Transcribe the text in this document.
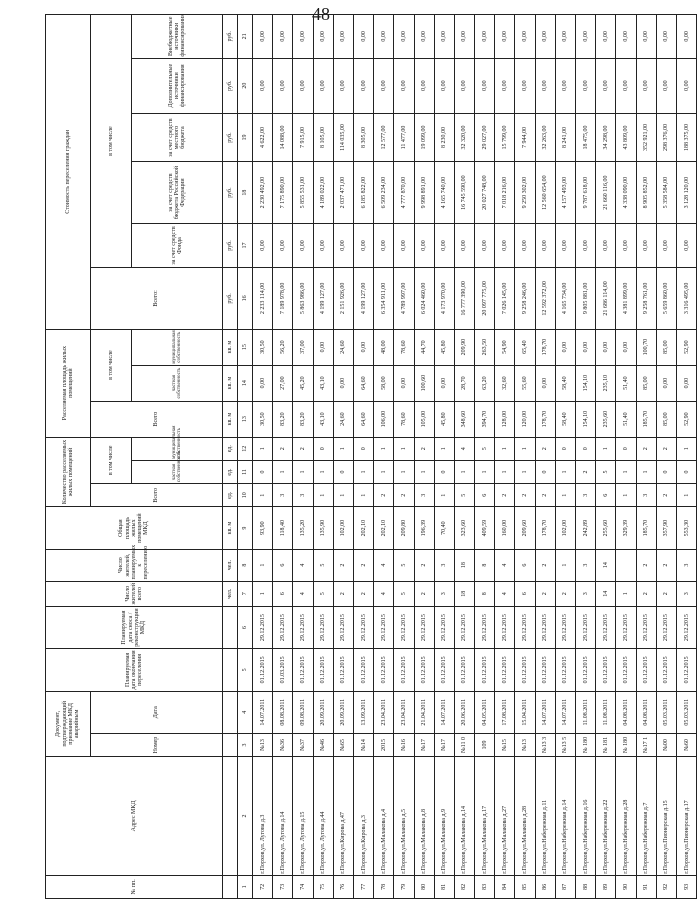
48
№ пп.	Адрес МКД	Документ, подтверждающий признание МКД аварийным		Планируемая дата окончания переселения	Планируемая дата сноса /реконструкции МКД	Число жителей всего	Число жителей, планируемых к переселению	Общая площадь жилых помещений МКД	Количество расселяемых жилых помещений			Расселяемая площадь жилых помещений			Стоимость переселения граждан					
		Номер	Дата						Всего	в том числе		Всего	в том числе		Всего:	в том числе				
										частная собственность	муниципальная собственность		частная собственность	муниципальная собственность		за счет средств Фонда	за счет средств бюджета Российской Федерации	за счет средств местного бюджета	Дополнительные источники финансирования	Внебюджетные источники финансирования
						чел.	чел.	кв. м	ед.	ед.	ед.	кв. м	кв. м	кв. м	руб.	руб.	руб.	руб.	руб.	руб.
1	2	3	4	5	6	7	8	9	10	11	12	13	14	15	16	17	18	19	20	21
72	г.Порхов,ул. Лугова д.3	№13	14.07.2011	01.12.2015	29.12.2015	1	1	93,90	1	0	1	30,50	0,00	30,50	2 233 114,00	0,00	2 230 492,00	4 622,00	0,00	0,00
73	г.Порхов,ул. Лугова д.14	№36	08.08.2011	01.03.2015	29.12.2015	6	6	118,40	3	1	2	83,20	27,00	56,20	7 189 978,00	0,00	7 175 890,00	14 088,00	0,00	0,00
74	г.Порхов,ул. Лугова д.15	№37	09.08.2011	01.12.2015	29.12.2015	4	4	135,20	3	1	2	83,20	45,20	37,00	5 863 986,00	0,00	5 855 531,00	7 915,00	0,00	0,00
75	г.Порхов,ул. Лугова д.44	№46	20.09.2011	01.12.2015	29.12.2015	5	5	135,90	1	1	0	43,10	43,10	0,00	4 199 127,00	0,00	4 189 022,00	8 105,00	0,00	0,00
76	г.Порхов,ул.Кирова д.47	№65	20.09.2011	01.12.2015	29.12.2015	2	2	102,00	1	0	1	24,60	0,00	24,60	2 151 926,00	0,00	2 037 471,00	114 035,00	0,00	0,00
77	г.Порхов,ул.Кирова д.3	№14	13.09.2011	01.12.2015	29.12.2015	2	2	202,10	1	1	0	64,60	64,60	0,00	4 199 127,00	0,00	6 185 822,00	8 305,00	0,00	0,00
78	г.Порхов,ул.Малакова д.4	2015	23.04.2011	01.12.2015	29.12.2015	4	4	202,10	2	1	1	106,00	58,00	48,00	6 354 911,00	0,00	6 509 234,00	12 577,00	0,00	0,00
79	г.Порхов,ул.Малакова д.5	№16	23.04.2011	01.12.2015	29.12.2015	5	5	209,80	2	1	1	78,60	0,00	78,60	4 789 997,00	0,00	4 777 870,00	11 477,00	0,00	0,00
80	г.Порхов,ул.Малакова д.8	№17	21.04.2011	01.12.2015	29.12.2015	2	2	196,39	3	1	2	105,00	100,60	44,70	6 024 460,00	0,00	9 998 891,00	19 099,00	0,00	0,00
81	г.Порхов,ул.Малакова д.9	№17	14.07.2011	01.12.2015	29.12.2015	3	3	70,40	1	0	1	45,80	0,00	45,80	4 173 970,00	0,00	4 165 740,00	8 230,00	0,00	0,00
82	г.Порхов,ул.Малакова д.14	№11 0	20.06.2011	01.12.2015	29.12.2015	18	18	323,60	5	1	4	348,60	28,70	209,90	16 777 390,00	0,00	16 745 590,00	32 320,00	0,00	0,00
83	г.Порхов,ул.Малакова д.17	109	04.05.2011	01.12.2015	29.12.2015	8	8	409,59	6	1	5	394,70	63,20	263,50	20 097 775,00	0,00	20 027 748,00	29 027,00	0,00	0,00
84	г.Порхов,ул.Малакова д.27	№15	17.08.2011	01.12.2015	29.12.2015	4	4	160,00	2	1	1	128,00	32,60	54,90	7 026 145,00	0,00	7 018 216,00	15 799,00	0,00	0,00
85	г.Порхов,ул.Малакова д.28	№13	15.04.2011	01.12.2015	29.12.2015	6	6	209,60	2	1	1	120,00	55,60	65,40	9 258 246,00	0,00	9 250 302,00	7 944,00	0,00	0,00
86	г.Порхов,ул.Набережная д.11	№13 3	14.07.2011	01.12.2015	29.12.2015	2	2	178,70	2	0	2	178,70	0,00	178,70	12 592 372,00	0,00	12 560 654,00	32 263,00	0,00	0,00
87	г.Порхов,ул.Набережная д.14	№13 5	14.07.2011	01.12.2015	29.12.2015	2	1	102,00	1	1	0	58,40	58,40	0,00	4 165 734,00	0,00	4 157 493,00	8 241,00	0,00	0,00
88	г.Порхов,ул.Набережная д.16	№ 180	11.08.2011	01.12.2015	29.12.2015	3	3	242,89	3	2	0	154,10	154,10	0,00	9 805 881,00	0,00	9 787 618,00	18 475,00	0,00	0,00
89	г.Порхов,ул.Набережная д.22	№ 181	11.08.2011	01.12.2015	29.12.2015	14	14	255,60	6	5	1	235,60	235,10	0,00	21 686 114,00	0,00	21 660 116,00	34 298,00	0,00	0,00
90	г.Порхов,ул.Набережная д.28	№ 180	04.08.2011	01.12.2015	29.12.2015	1		329,39	1	1	0	51,40	51,40	0,00	4 381 899,00	0,00	4 338 090,00	43 809,00	0,00	0,00
91	г.Порхов,ул.Набережная д.7	№17 1	04.08.2011	01.12.2015	29.12.2015	2	2	185,70	3	1	2	185,70	85,00	100,70	9 258 761,00	0,00	8 905 852,00	352 921,00	0,00	0,00
92	г.Порхов,ул.Пионерская д.15	№00	05.03.2011	01.12.2015	29.12.2015	2	2	357,90	2	0	2	85,00	0,00	85,00	5 659 860,00	0,00	5 358 584,00	298 376,00	0,00	0,00
93	г.Порхов,ул.Пионерская д.17	№60	05.03.2011	01.12.2015	29.12.2015	3	3	553,30	1	0	1	52,90	0,00	52,90	3 316 495,00	0,00	3 128 120,00	188 375,00	0,00	0,00
